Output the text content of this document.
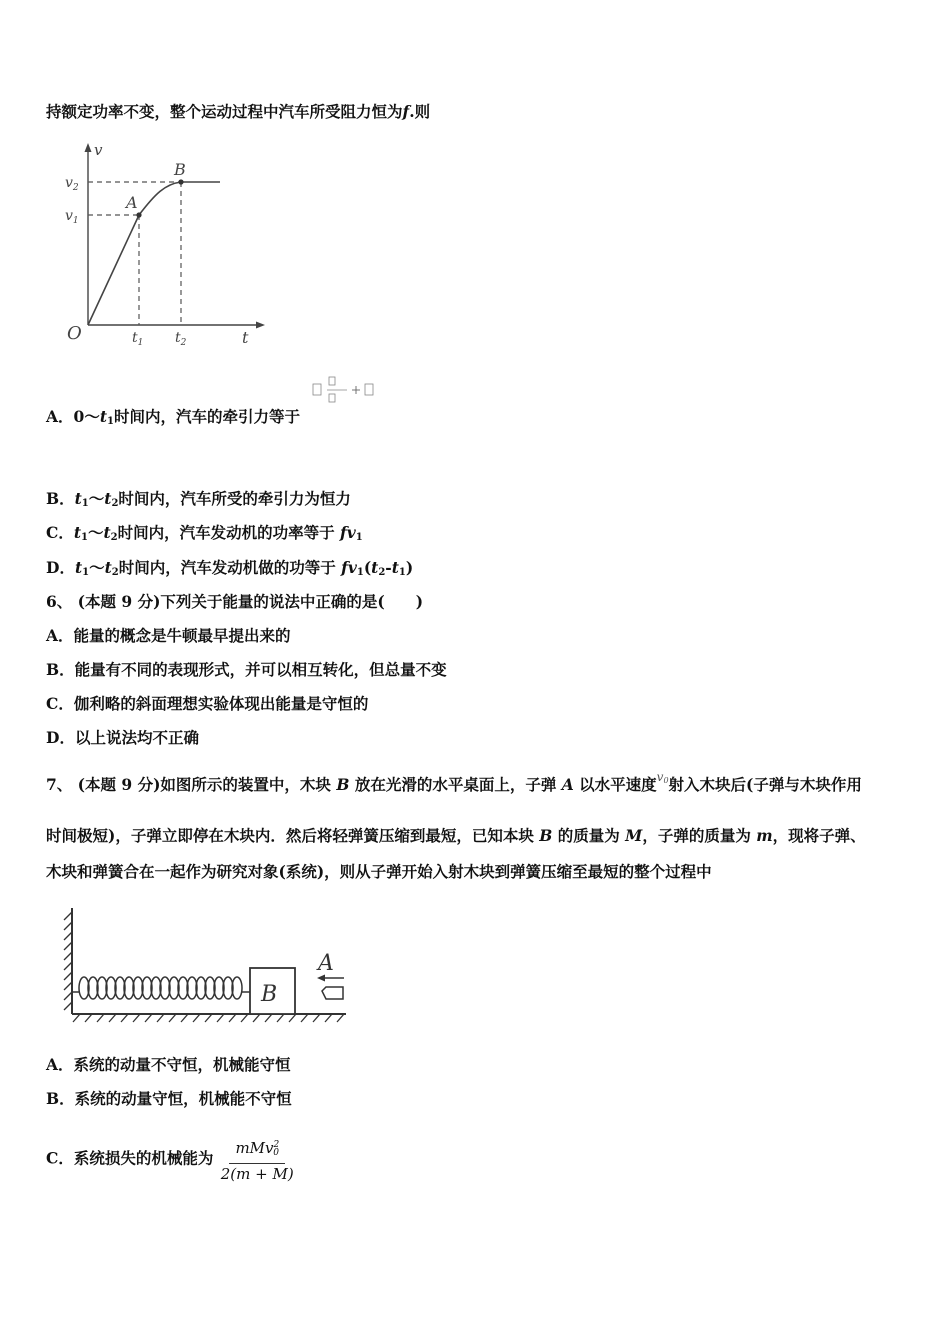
持额定功率不变，整个运动过程中汽车所受阻力恒为f.则
v
t
O
A
B
$v_2$
$v_1$
$t_1$ $t_2$
A．$0\sim t_1$时间内，汽车的牵引力等于
B．$t_1\sim t_2$时间内，汽车所受的牵引力为恒力
C．$t_1\sim t_2$时间内，汽车发动机的功率等于 $fv_1$
D．$t_1\sim t_2$时间内，汽车发动机做的功等于 $fv_1(t_2-t_1)$
6、 (本题 9 分)下列关于能量的说法中正确的是(　　)
A．能量的概念是牛顿最早提出来的
B．能量有不同的表现形式，并可以相互转化，但总量不变
C．伽利略的斜面理想实验体现出能量是守恒的
D．以上说法均不正确
7、 (本题 9 分)如图所示的装置中，木块 B 放在光滑的水平桌面上，子弹 A 以水平速度$^{v_0}$射入木块后(子弹与木块作用
时间极短)，子弹立即停在木块内．然后将轻弹簧压缩到最短，已知本块 B 的质量为 M，子弹的质量为 m，现将子弹、
木块和弹簧合在一起作为研究对象(系统)，则从子弹开始入射木块到弹簧压缩至最短的整个过程中
B
A
A．系统的动量不守恒，机械能守恒
B．系统的动量守恒，机械能不守恒
C．系统损失的机械能为 $\frac{mMv^20}{2(m + M)}$
